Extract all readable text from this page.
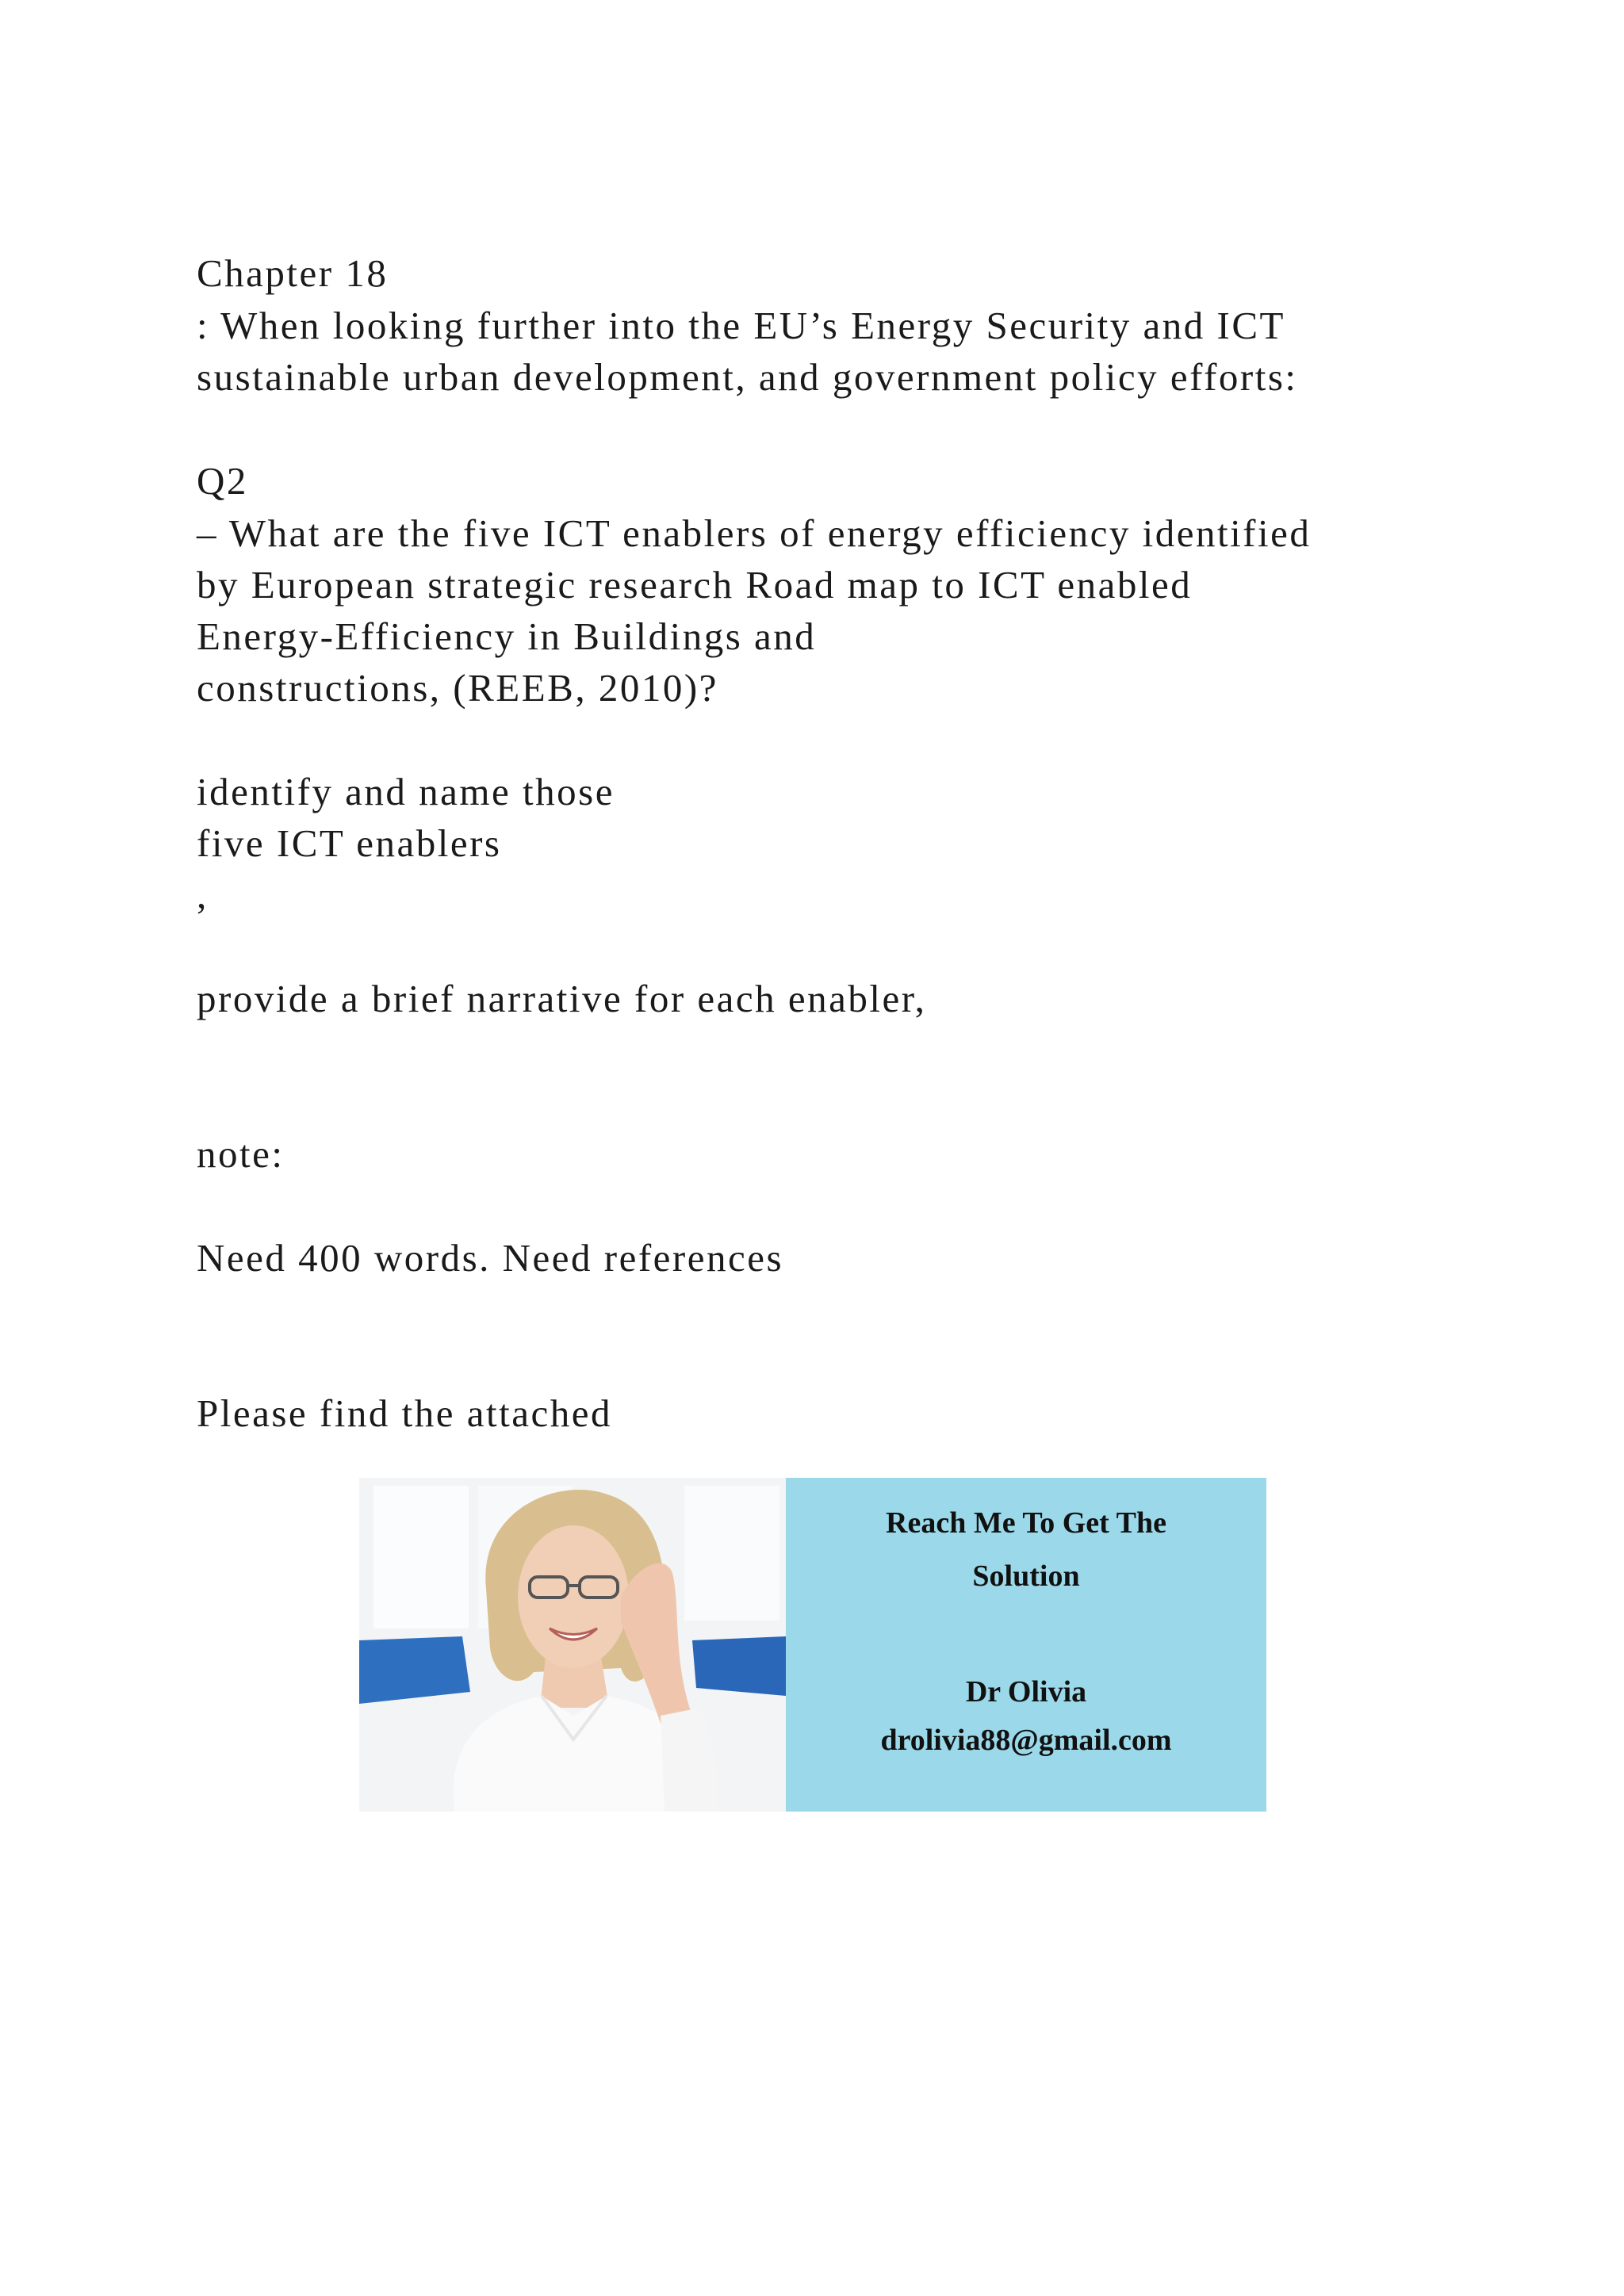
Chapter 18
: When looking further into the EU’s Energy Security and ICT
sustainable urban development, and government policy efforts:
Q2
– What are the five ICT enablers of energy efficiency identified
by European strategic research Road map to ICT enabled
Energy-Efficiency in Buildings and
constructions, (REEB, 2010)?
identify and name those
five ICT enablers
,
provide a brief narrative for each enabler,
note:
Need 400 words. Need references
Please find the attached
Reach Me To Get The
Solution
Dr Olivia
drolivia88@gmail.com
